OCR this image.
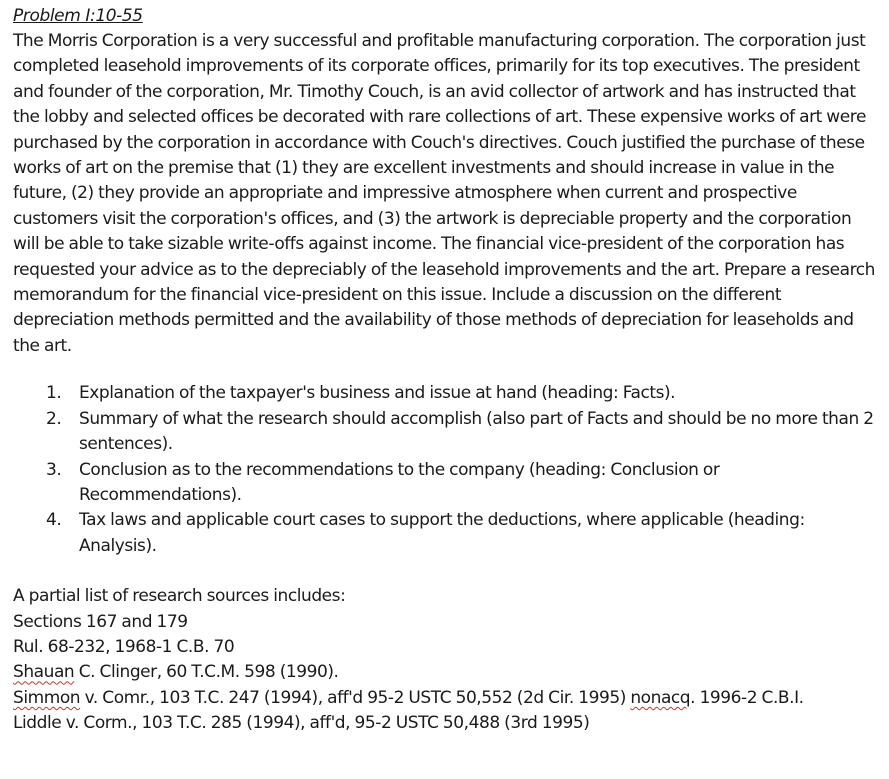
Problem I:10-55

The Morris Corporation is a very successful and profitable manufacturing corporation. The corporation just completed leasehold improvements of its corporate offices, primarily for its top executives. The president and founder of the corporation, Mr. Timothy Couch, is an avid collector of artwork and has instructed that the lobby and selected offices be decorated with rare collections of art. These expensive works of art were purchased by the corporation in accordance with Couch's directives. Couch justified the purchase of these works of art on the premise that (1) they are excellent investments and should increase in value in the future, (2) they provide an appropriate and impressive atmosphere when current and prospective customers visit the corporation's offices, and (3) the artwork is depreciable property and the corporation will be able to take sizable write-offs against income. The financial vice-president of the corporation has requested your advice as to the depreciably of the leasehold improvements and the art. Prepare a research memorandum for the financial vice-president on this issue. Include a discussion on the different depreciation methods permitted and the availability of those methods of depreciation for leaseholds and the art.

1.	Explanation of the taxpayer's business and issue at hand (heading: Facts).
2.	Summary of what the research should accomplish (also part of Facts and should be no more than 2 sentences).
3.	Conclusion as to the recommendations to the company (heading: Conclusion or Recommendations).
4.	Tax laws and applicable court cases to support the deductions, where applicable (heading: Analysis).

A partial list of research sources includes:

Sections 167 and 179

Rul. 68-232, 1968-1 C.B. 70

Shauan C. Clinger, 60 T.C.M. 598 (1990).

Simmon v. Comr., 103 T.C. 247 (1994), aff'd 95-2 USTC 50,552 (2d Cir. 1995) nonacq. 1996-2 C.B.I.

Liddle v. Corm., 103 T.C. 285 (1994), aff'd, 95-2 USTC 50,488 (3rd 1995)
